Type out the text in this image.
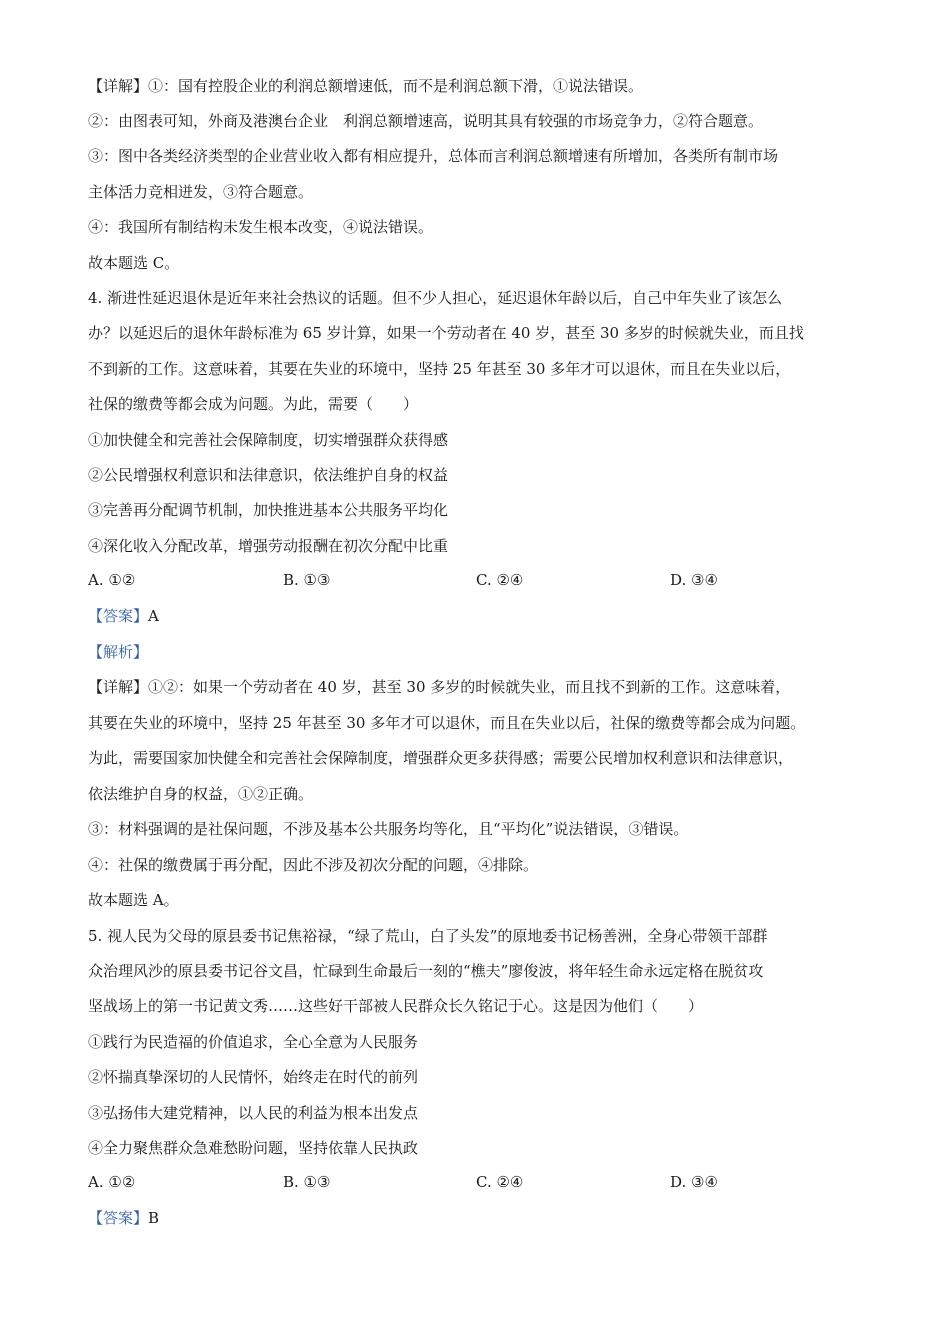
【详解】①：国有控股企业的利润总额增速低，而不是利润总额下滑，①说法错误。
②：由图表可知，外商及港澳台企业　利润总额增速高，说明其具有较强的市场竞争力，②符合题意。
③：图中各类经济类型的企业营业收入都有相应提升，总体而言利润总额增速有所增加，各类所有制市场
主体活力竞相迸发，③符合题意。
④：我国所有制结构未发生根本改变，④说法错误。
故本题选 C。
4. 渐进性延迟退休是近年来社会热议的话题。但不少人担心，延迟退休年龄以后，自己中年失业了该怎么
办？以延迟后的退休年龄标准为 65 岁计算，如果一个劳动者在 40 岁，甚至 30 多岁的时候就失业，而且找
不到新的工作。这意味着，其要在失业的环境中，坚持 25 年甚至 30 多年才可以退休，而且在失业以后，
社保的缴费等都会成为问题。为此，需要（　　）
①加快健全和完善社会保障制度，切实增强群众获得感
②公民增强权利意识和法律意识，依法维护自身的权益
③完善再分配调节机制，加快推进基本公共服务平均化
④深化收入分配改革，增强劳动报酬在初次分配中比重
A. ①②	B. ①③	C. ②④	D. ③④
【答案】A
【解析】
【详解】①②：如果一个劳动者在 40 岁，甚至 30 多岁的时候就失业，而且找不到新的工作。这意味着，
其要在失业的环境中，坚持 25 年甚至 30 多年才可以退休，而且在失业以后，社保的缴费等都会成为问题。
为此，需要国家加快健全和完善社会保障制度，增强群众更多获得感；需要公民增加权利意识和法律意识，
依法维护自身的权益，①②正确。
③：材料强调的是社保问题，不涉及基本公共服务均等化，且“平均化”说法错误，③错误。
④：社保的缴费属于再分配，因此不涉及初次分配的问题，④排除。
故本题选 A。
5. 视人民为父母的原县委书记焦裕禄，“绿了荒山，白了头发”的原地委书记杨善洲，全身心带领干部群
众治理风沙的原县委书记谷文昌，忙碌到生命最后一刻的“樵夫”廖俊波，将年轻生命永远定格在脱贫攻
坚战场上的第一书记黄文秀……这些好干部被人民群众长久铭记于心。这是因为他们（　　）
①践行为民造福的价值追求，全心全意为人民服务
②怀揣真挚深切的人民情怀，始终走在时代的前列
③弘扬伟大建党精神，以人民的利益为根本出发点
④全力聚焦群众急难愁盼问题，坚持依靠人民执政
A. ①②	B. ①③	C. ②④	D. ③④
【答案】B
